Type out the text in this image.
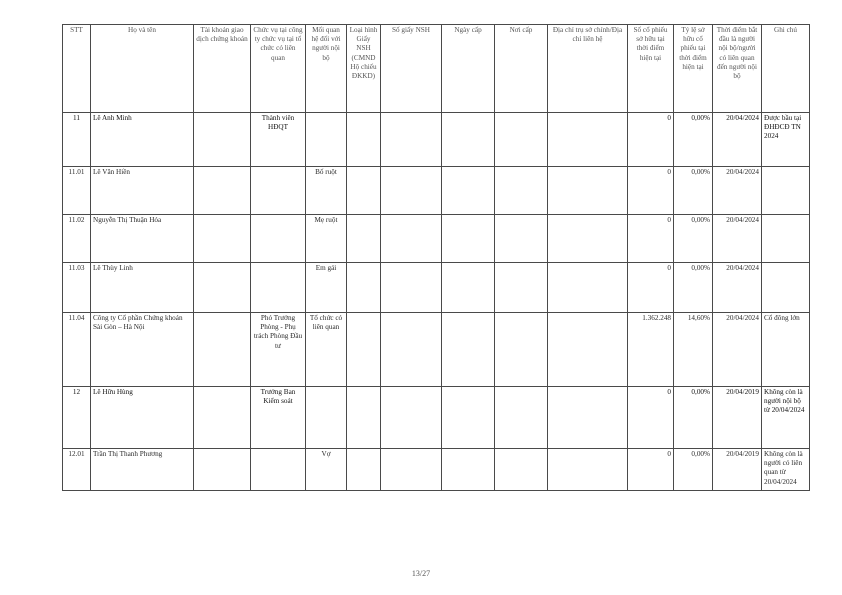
STT	Họ và tên	Tài khoản giao dịch chứng khoán	Chức vụ tại công ty chức vụ tại tổ chức có liên quan	Mối quan hệ đối với người nội bộ	Loại hình Giấy NSH (CMND Hộ chiếu ĐKKD)	Số giấy NSH	Ngày cấp	Nơi cấp	Địa chỉ trụ sở chính/Địa chỉ liên hệ	Số cổ phiếu sở hữu tại thời điểm hiện tại	Tỷ lệ sở hữu cổ phiếu tại thời điểm hiện tại	Thời điểm bắt đầu là người nội bộ/người có liên quan đến người nội bộ	Ghi chú
11	Lê Anh Minh		Thành viên HĐQT							0	0,00%	20/04/2024	Được bầu tại ĐHĐCĐ TN 2024
11.01	Lê Văn Hiền			Bố ruột						0	0,00%	20/04/2024	
11.02	Nguyễn Thị Thuận Hóa			Mẹ ruột						0	0,00%	20/04/2024	
11.03	Lê Thùy Linh			Em gái						0	0,00%	20/04/2024	
11.04	Công ty Cổ phần Chứng khoán Sài Gòn – Hà Nội		Phó Trưởng Phòng - Phụ trách Phòng Đầu tư	Tổ chức có liên quan						1.362.248	14,60%	20/04/2024	Cổ đông lớn
12	Lê Hữu Hùng		Trưởng Ban Kiểm soát							0	0,00%	20/04/2019	Không còn là người nội bộ từ 20/04/2024
12.01	Trần Thị Thanh Phương			Vợ						0	0,00%	20/04/2019	Không còn là người có liên quan từ 20/04/2024
13/27
